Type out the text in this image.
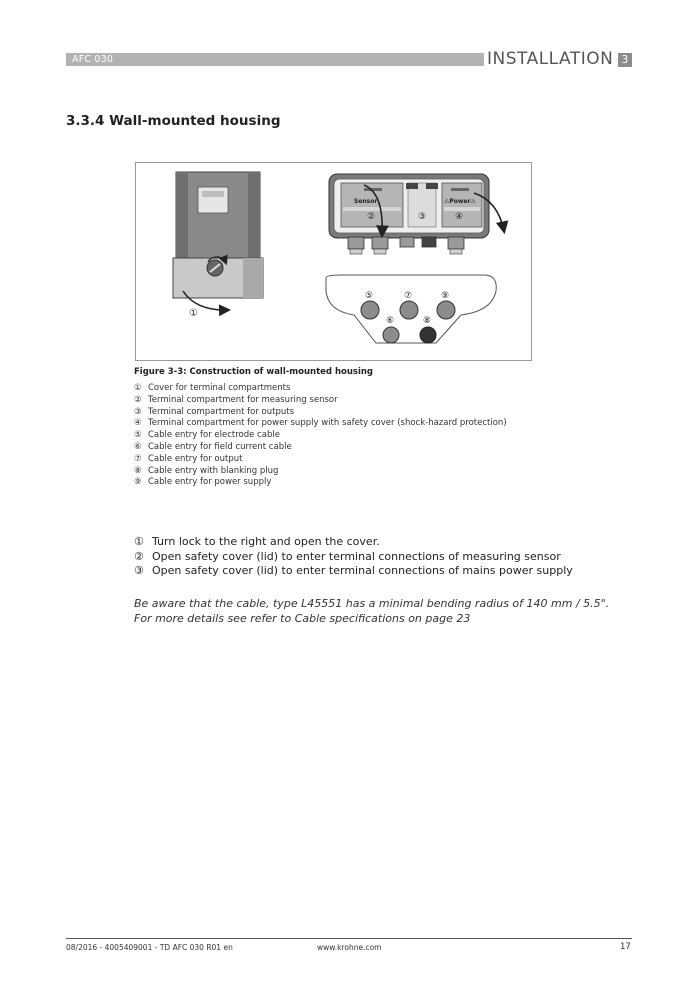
AFC 030	INSTALLATION 3
3.3.4 Wall-mounted housing
①
Sensor
②	③
⚠Power⚠
④
⑤	⑦	⑨
⑥	⑧
Figure 3-3: Construction of wall-mounted housing
① Cover for terminal compartments
② Terminal compartment for measuring sensor
③ Terminal compartment for outputs
④ Terminal compartment for power supply with safety cover (shock-hazard protection)
⑤ Cable entry for electrode cable
⑥ Cable entry for field current cable
⑦ Cable entry for output
⑧ Cable entry with blanking plug
⑨ Cable entry for power supply
① Turn lock to the right and open the cover.
② Open safety cover (lid) to enter terminal connections of measuring sensor
③ Open safety cover (lid) to enter terminal connections of mains power supply
Be aware that the cable, type L45551 has a minimal bending radius of 140 mm / 5.5".
For more details see refer to Cable specifications on page 23
08/2016 - 4005409001 - TD AFC 030 R01 en	www.krohne.com	17
